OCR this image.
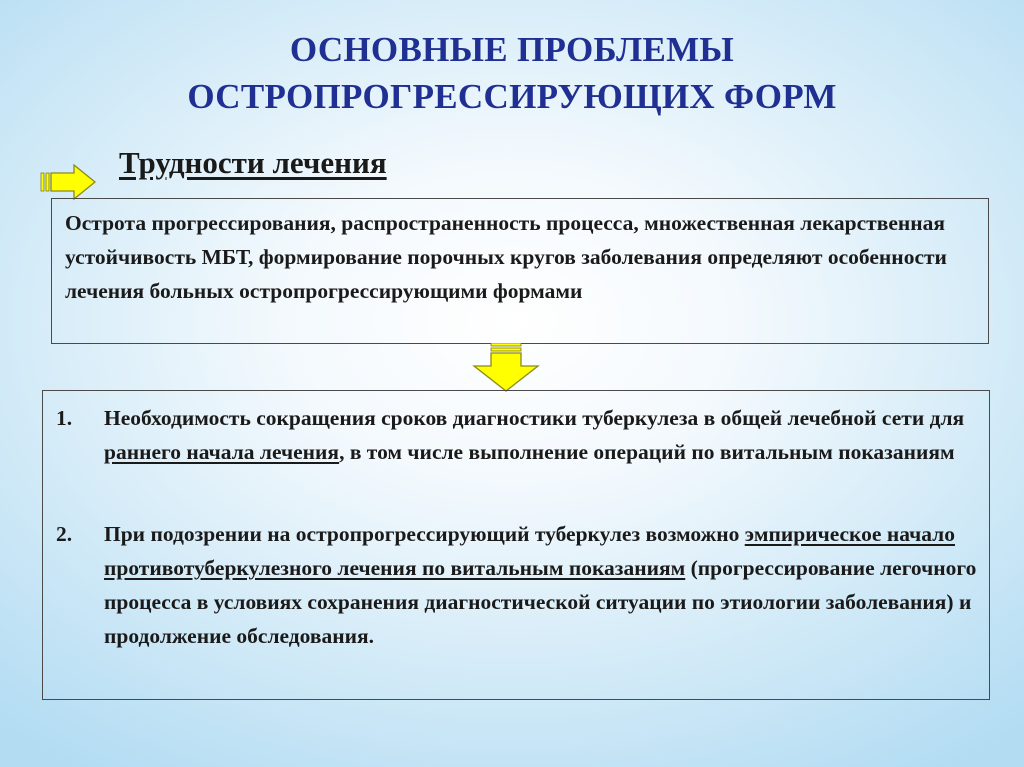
ОСНОВНЫЕ ПРОБЛЕМЫ
ОСТРОПРОГРЕССИРУЮЩИХ ФОРМ
Трудности лечения
Острота прогрессирования, распространенность процесса, множественная лекарственная устойчивость МБТ, формирование порочных кругов заболевания определяют особенности лечения больных остропрогрессирующими формами
1. Необходимость сокращения сроков диагностики туберкулеза в общей лечебной сети для раннего начала лечения, в том числе выполнение операций по витальным показаниям
2. При подозрении на остропрогрессирующий туберкулез возможно эмпирическое начало противотуберкулезного лечения по витальным показаниям (прогрессирование легочного процесса в условиях сохранения диагностической ситуации по этиологии заболевания) и продолжение обследования.
